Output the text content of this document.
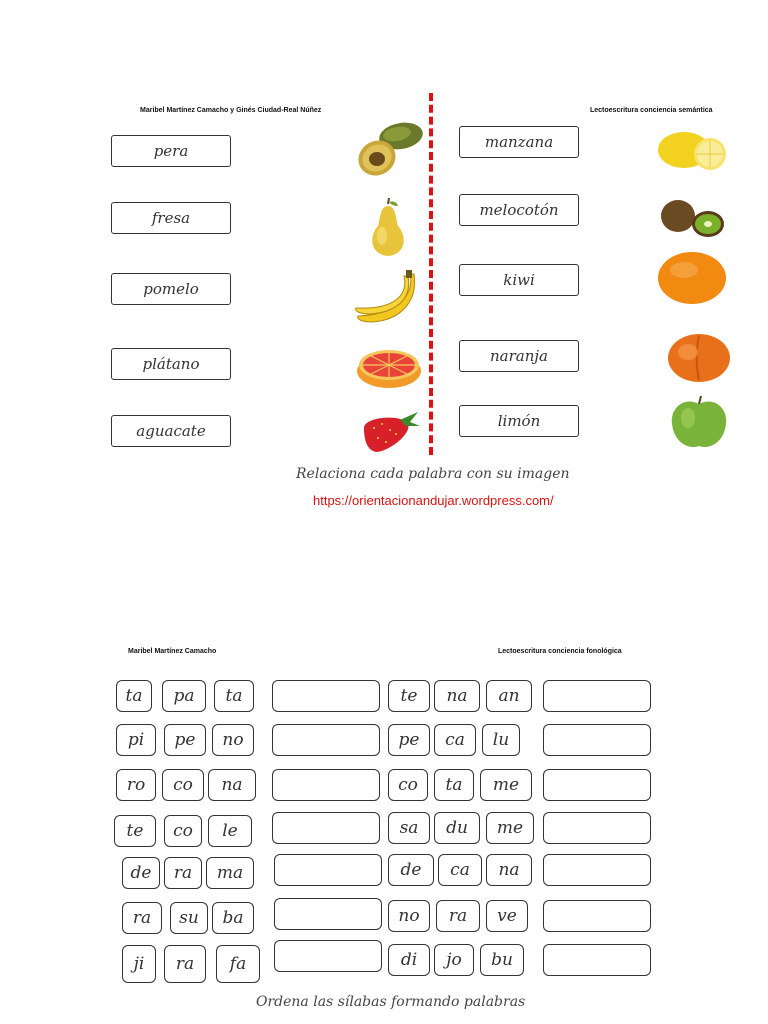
Maribel Martínez Camacho y Ginés Ciudad-Real Núñez	Lectoescritura conciencia semántica
pera
fresa
pomelo
plátano
aguacate
manzana
melocotón
kiwi
naranja
limón
Relaciona cada palabra con su imagen
https://orientacionandujar.wordpress.com/
Maribel Martínez Camacho	Lectoescritura conciencia fonológica
ta	pa	ta	te	na	an
pi	pe	no	pe	ca	lu
ro	co	na	co	ta	me
te	co	le	sa	du	me
de	ra	ma	de	ca	na
ra	su	ba	no	ra	ve
ji	ra	fa	di	jo	bu
Ordena las sílabas formando palabras
